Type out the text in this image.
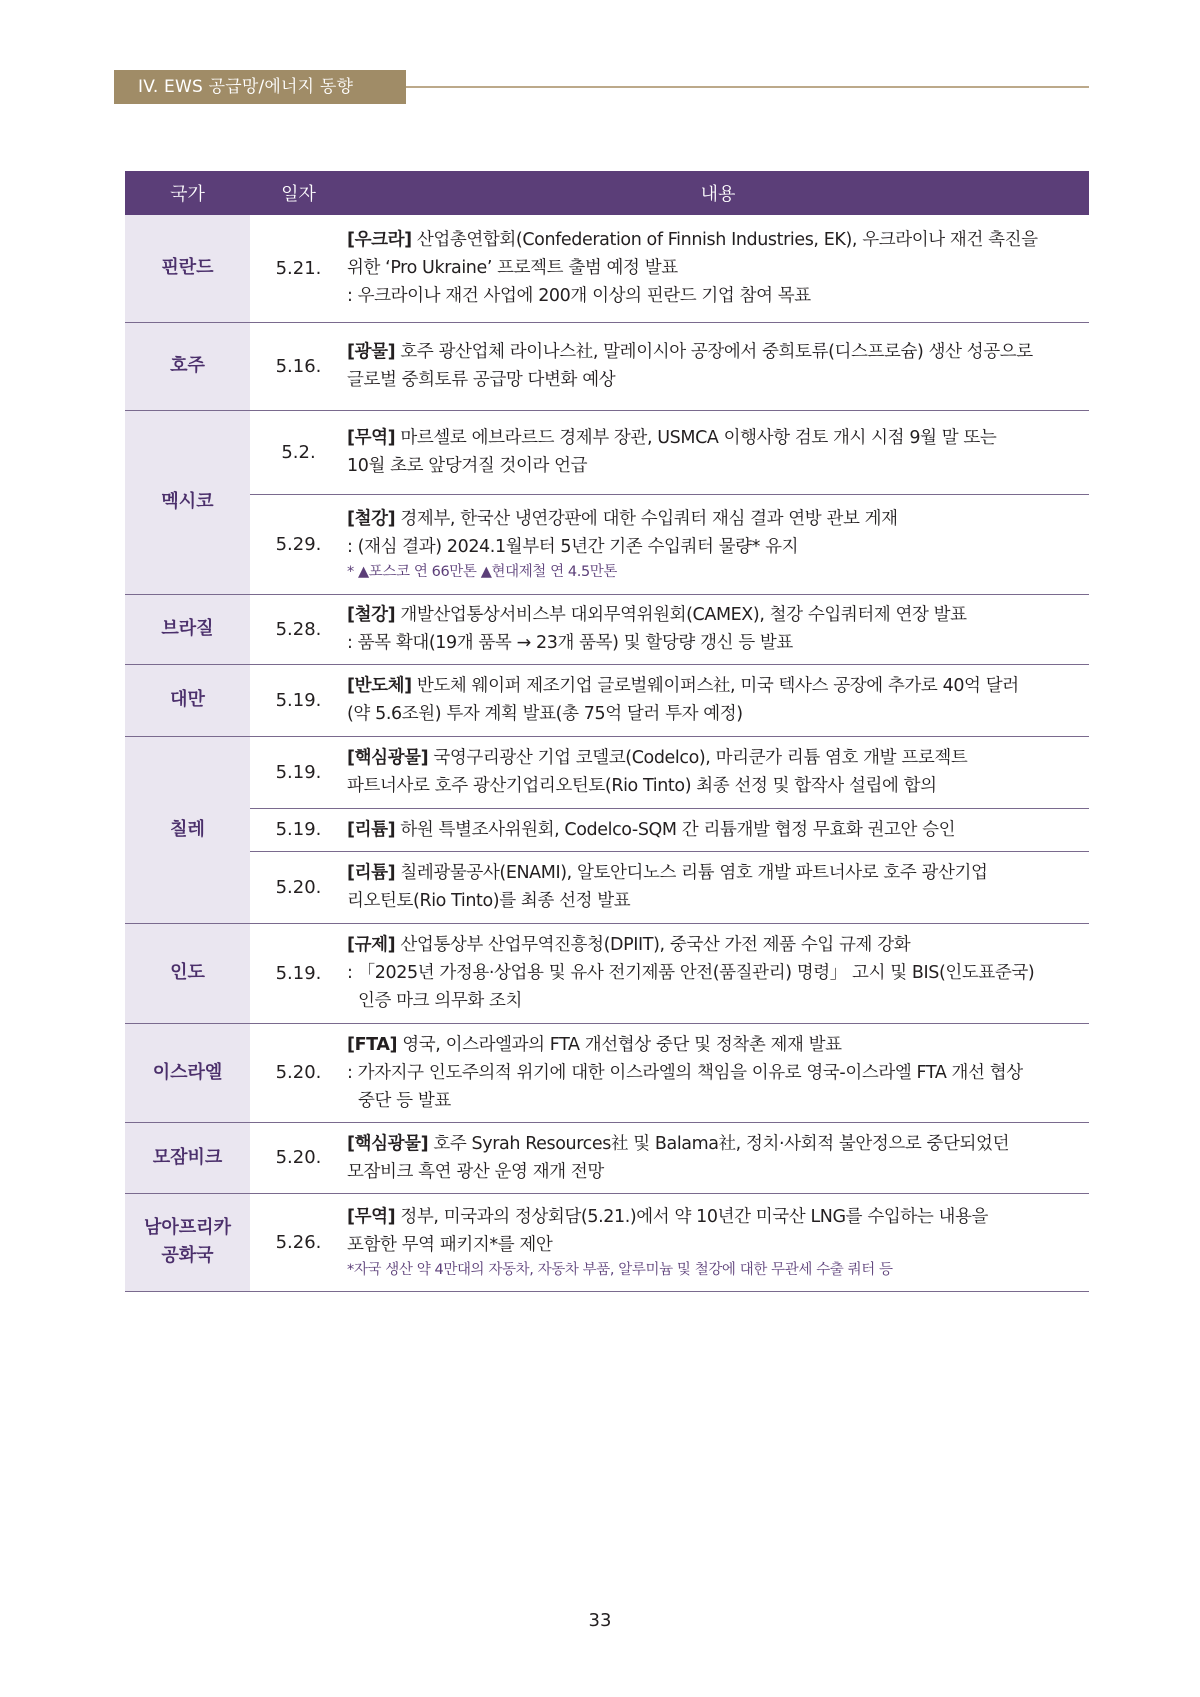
IV. EWS 공급망/에너지 동향
국가	일자	내용
핀란드	5.21.	[우크라] 산업총연합회(Confederation of Finnish Industries, EK), 우크라이나 재건 촉진을
위한 ‘Pro Ukraine’ 프로젝트 출범 예정 발표
: 우크라이나 재건 사업에 200개 이상의 핀란드 기업 참여 목표

호주	5.16.	[광물] 호주 광산업체 라이나스社, 말레이시아 공장에서 중희토류(디스프로슘) 생산 성공으로
글로벌 중희토류 공급망 다변화 예상

멕시코	5.2.	[무역] 마르셀로 에브라르드 경제부 장관, USMCA 이행사항 검토 개시 시점 9월 말 또는
10월 초로 앞당겨질 것이라 언급

	5.29.	[철강] 경제부, 한국산 냉연강판에 대한 수입쿼터 재심 결과 연방 관보 게재
: (재심 결과) 2024.1월부터 5년간 기존 수입쿼터 물량* 유지
* ▲포스코 연 66만톤 ▲현대제철 연 4.5만톤

브라질	5.28.	[철강] 개발산업통상서비스부 대외무역위원회(CAMEX), 철강 수입쿼터제 연장 발표
: 품목 확대(19개 품목 → 23개 품목) 및 할당량 갱신 등 발표

대만	5.19.	[반도체] 반도체 웨이퍼 제조기업 글로벌웨이퍼스社, 미국 텍사스 공장에 추가로 40억 달러
(약 5.6조원) 투자 계획 발표(총 75억 달러 투자 예정)

칠레	5.19.	[핵심광물] 국영구리광산 기업 코델코(Codelco), 마리쿤가 리튬 염호 개발 프로젝트
파트너사로 호주 광산기업리오틴토(Rio Tinto) 최종 선정 및 합작사 설립에 합의

	5.19.	[리튬] 하원 특별조사위원회, Codelco-SQM 간 리튬개발 협정 무효화 권고안 승인

	5.20.	[리튬] 칠레광물공사(ENAMI), 알토안디노스 리튬 염호 개발 파트너사로 호주 광산기업
리오틴토(Rio Tinto)를 최종 선정 발표

인도	5.19.	[규제] 산업통상부 산업무역진흥청(DPIIT), 중국산 가전 제품 수입 규제 강화
: 「2025년 가정용·상업용 및 유사 전기제품 안전(품질관리) 명령」 고시 및 BIS(인도표준국)
인증 마크 의무화 조치

이스라엘	5.20.	[FTA] 영국, 이스라엘과의 FTA 개선협상 중단 및 정착촌 제재 발표
: 가자지구 인도주의적 위기에 대한 이스라엘의 책임을 이유로 영국-이스라엘 FTA 개선 협상
중단 등 발표

모잠비크	5.20.	[핵심광물] 호주 Syrah Resources社 및 Balama社, 정치·사회적 불안정으로 중단되었던
모잠비크 흑연 광산 운영 재개 전망

남아프리카
공화국	5.26.	[무역] 정부, 미국과의 정상회담(5.21.)에서 약 10년간 미국산 LNG를 수입하는 내용을
포함한 무역 패키지*를 제안
*자국 생산 약 4만대의 자동차, 자동차 부품, 알루미늄 및 철강에 대한 무관세 수출 쿼터 등
33
